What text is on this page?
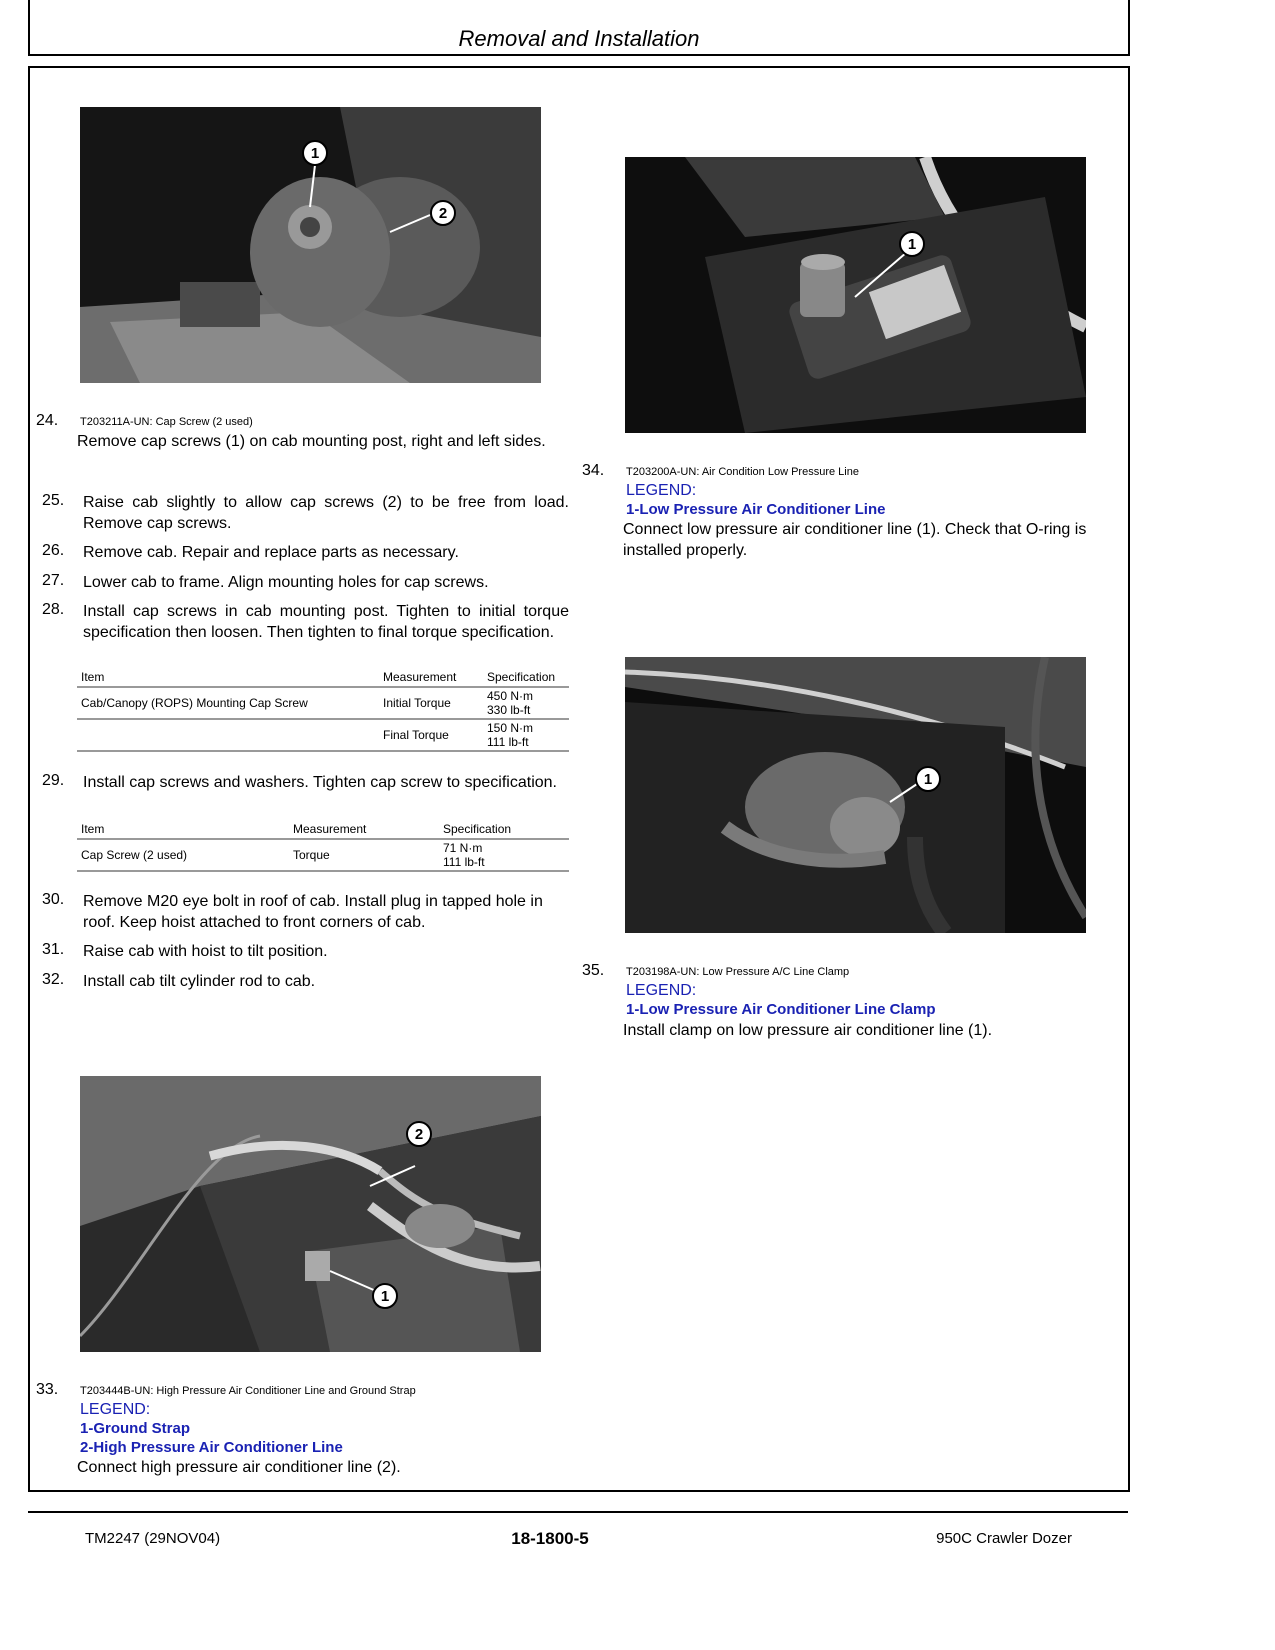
Removal and Installation
1
2
24. T203211A-UN: Cap Screw (2 used)
Remove cap screws (1) on cab mounting post, right and left sides.
25. Raise cab slightly to allow cap screws (2) to be free from load. Remove cap screws.
26. Remove cab. Repair and replace parts as necessary.
27. Lower cab to frame. Align mounting holes for cap screws.
28. Install cap screws in cab mounting post. Tighten to initial torque specification then loosen. Then tighten to final torque specification.
Item	Measurement	Specification
Cab/Canopy (ROPS) Mounting Cap Screw	Initial Torque	450 N·m
330 lb-ft

	Final Torque	150 N·m
111 lb-ft
29. Install cap screws and washers. Tighten cap screw to specification.
Item	Measurement	Specification
Cap Screw (2 used)	Torque	71 N·m
111 lb-ft
30. Remove M20 eye bolt in roof of cab. Install plug in tapped hole in roof. Keep hoist attached to front corners of cab.
31. Raise cab with hoist to tilt position.
32. Install cab tilt cylinder rod to cab.
2
1
33. T203444B-UN: High Pressure Air Conditioner Line and Ground Strap
LEGEND:
1-Ground Strap
2-High Pressure Air Conditioner Line
Connect high pressure air conditioner line (2).
1
34. T203200A-UN: Air Condition Low Pressure Line
LEGEND:
1-Low Pressure Air Conditioner Line
Connect low pressure air conditioner line (1). Check that O-ring is installed properly.
1
35. T203198A-UN: Low Pressure A/C Line Clamp
LEGEND:
1-Low Pressure Air Conditioner Line Clamp
Install clamp on low pressure air conditioner line (1).
TM2247 (29NOV04)	18-1800-5	950C Crawler Dozer
